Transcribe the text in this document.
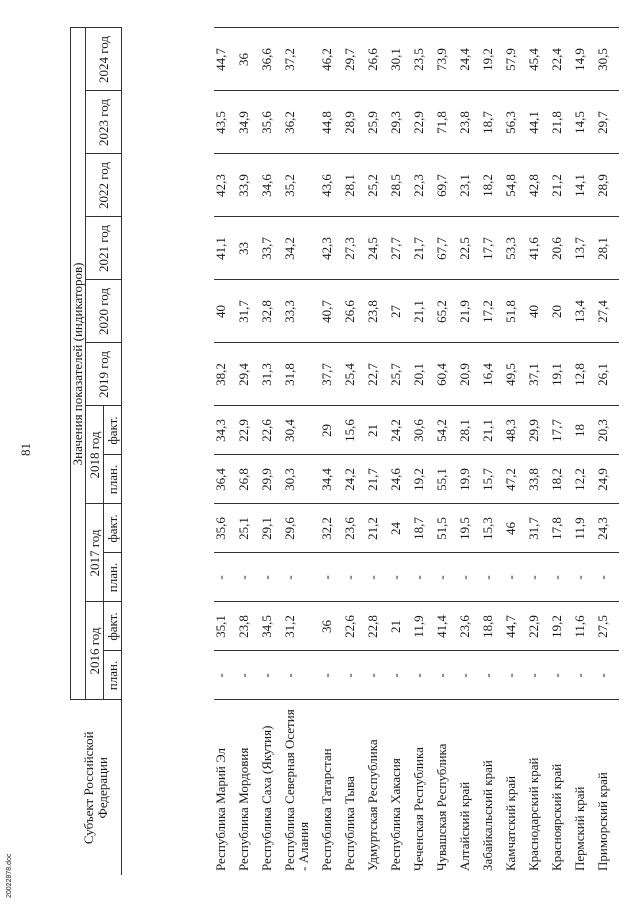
81
20022878.doc
Субъект Российской Федерации	Значения показателей (индикаторов)											
	2016 год		2017 год		2018 год		2019 год	2020 год	2021 год	2022 год	2023 год	2024 год
	план.	факт.	план.	факт.	план.	факт.						

Республика Марий Эл	-	35,1	-	35,6	36,4	34,3	38,2	40	41,1	42,3	43,5	44,7
Республика Мордовия	-	23,8	-	25,1	26,8	22,9	29,4	31,7	33	33,9	34,9	36
Республика Саха (Якутия)	-	34,5	-	29,1	29,9	22,6	31,3	32,8	33,7	34,6	35,6	36,6
Республика Северная Осетия - Алания	-	31,2	-	29,6	30,3	30,4	31,8	33,3	34,2	35,2	36,2	37,2
Республика Татарстан	-	36	-	32,2	34,4	29	37,7	40,7	42,3	43,6	44,8	46,2
Республика Тыва	-	22,6	-	23,6	24,2	15,6	25,4	26,6	27,3	28,1	28,9	29,7
Удмуртская Республика	-	22,8	-	21,2	21,7	21	22,7	23,8	24,5	25,2	25,9	26,6
Республика Хакасия	-	21	-	24	24,6	24,2	25,7	27	27,7	28,5	29,3	30,1
Чеченская Республика	-	11,9	-	18,7	19,2	30,6	20,1	21,1	21,7	22,3	22,9	23,5
Чувашская Республика	-	41,4	-	51,5	55,1	54,2	60,4	65,2	67,7	69,7	71,8	73,9
Алтайский край	-	23,6	-	19,5	19,9	28,1	20,9	21,9	22,5	23,1	23,8	24,4
Забайкальский край	-	18,8	-	15,3	15,7	21,1	16,4	17,2	17,7	18,2	18,7	19,2
Камчатский край	-	44,7	-	46	47,2	48,3	49,5	51,8	53,3	54,8	56,3	57,9
Краснодарский край	-	22,9	-	31,7	33,8	29,9	37,1	40	41,6	42,8	44,1	45,4
Красноярский край	-	19,2	-	17,8	18,2	17,7	19,1	20	20,6	21,2	21,8	22,4
Пермский край	-	11,6	-	11,9	12,2	18	12,8	13,4	13,7	14,1	14,5	14,9
Приморский край	-	27,5	-	24,3	24,9	20,3	26,1	27,4	28,1	28,9	29,7	30,5
